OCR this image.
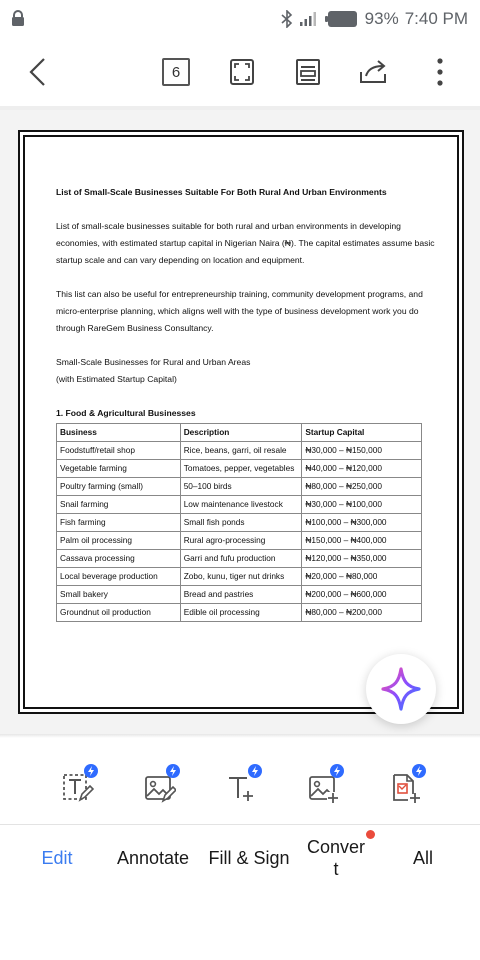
93% 7:40 PM
6

List of Small-Scale Businesses Suitable For Both Rural And Urban Environments

List of small-scale businesses suitable for both rural and urban environments in developing economies, with estimated startup capital in Nigerian Naira (₦). The capital estimates assume basic startup scale and can vary depending on location and equipment.

This list can also be useful for entrepreneurship training, community development programs, and micro-enterprise planning, which aligns well with the type of business development work you do through RareGem Business Consultancy.

Small-Scale Businesses for Rural and Urban Areas

(with Estimated Startup Capital)

1. Food & Agricultural Businesses
Business	Description	Startup Capital
Foodstuff/retail shop	Rice, beans, garri, oil resale	₦30,000 – ₦150,000
Vegetable farming	Tomatoes, pepper, vegetables	₦40,000 – ₦120,000
Poultry farming (small)	50–100 birds	₦80,000 – ₦250,000
Snail farming	Low maintenance livestock	₦30,000 – ₦100,000
Fish farming	Small fish ponds	₦100,000 – ₦300,000
Palm oil processing	Rural agro-processing	₦150,000 – ₦400,000
Cassava processing	Garri and fufu production	₦120,000 – ₦350,000
Local beverage production	Zobo, kunu, tiger nut drinks	₦20,000 – ₦80,000
Small bakery	Bread and pastries	₦200,000 – ₦600,000
Groundnut oil production	Edible oil processing	₦80,000 – ₦200,000
Edit Annotate Fill & Sign
Conver
t
All
